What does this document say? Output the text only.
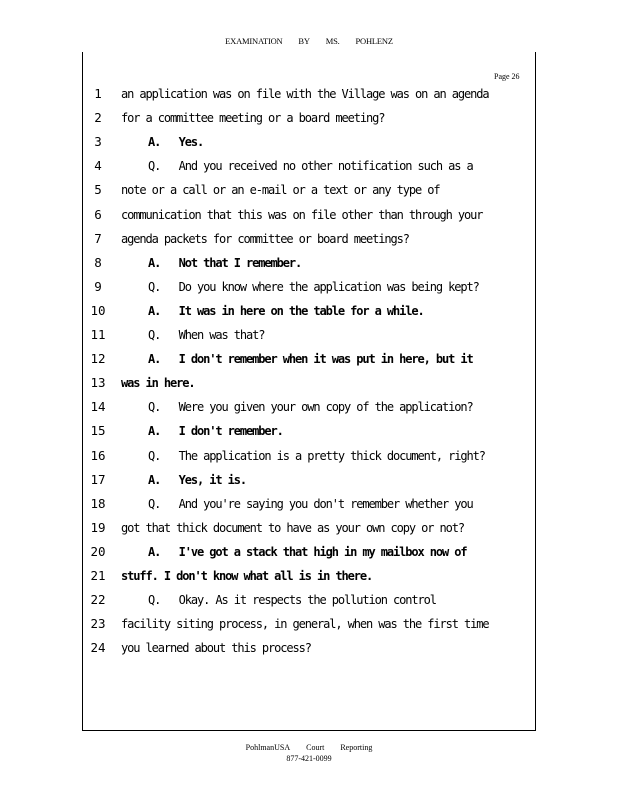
EXAMINATION BY MS. POHLENZ
Page 26
1	an application was on file with the Village was on an agenda
2	for a committee meeting or a board meeting?
3	A.   Yes.
4	Q.   And you received no other notification such as a
5	note or a call or an e-mail or a text or any type of
6	communication that this was on file other than through your
7	agenda packets for committee or board meetings?
8	A.   Not that I remember.
9	Q.   Do you know where the application was being kept?
10	A.   It was in here on the table for a while.
11	Q.   When was that?
12	A.   I don't remember when it was put in here, but it
13 was in here.
14	Q.   Were you given your own copy of the application?
15	A.   I don't remember.
16	Q.   The application is a pretty thick document, right?
17	A.   Yes, it is.
18	Q.   And you're saying you don't remember whether you
19 got that thick document to have as your own copy or not?
20	A.   I've got a stack that high in my mailbox now of
21 stuff. I don't know what all is in there.
22	Q.   Okay. As it respects the pollution control
23 facility siting process, in general, when was the first time
24 you learned about this process?
PohlmanUSA Court Reporting
877-421-0099
